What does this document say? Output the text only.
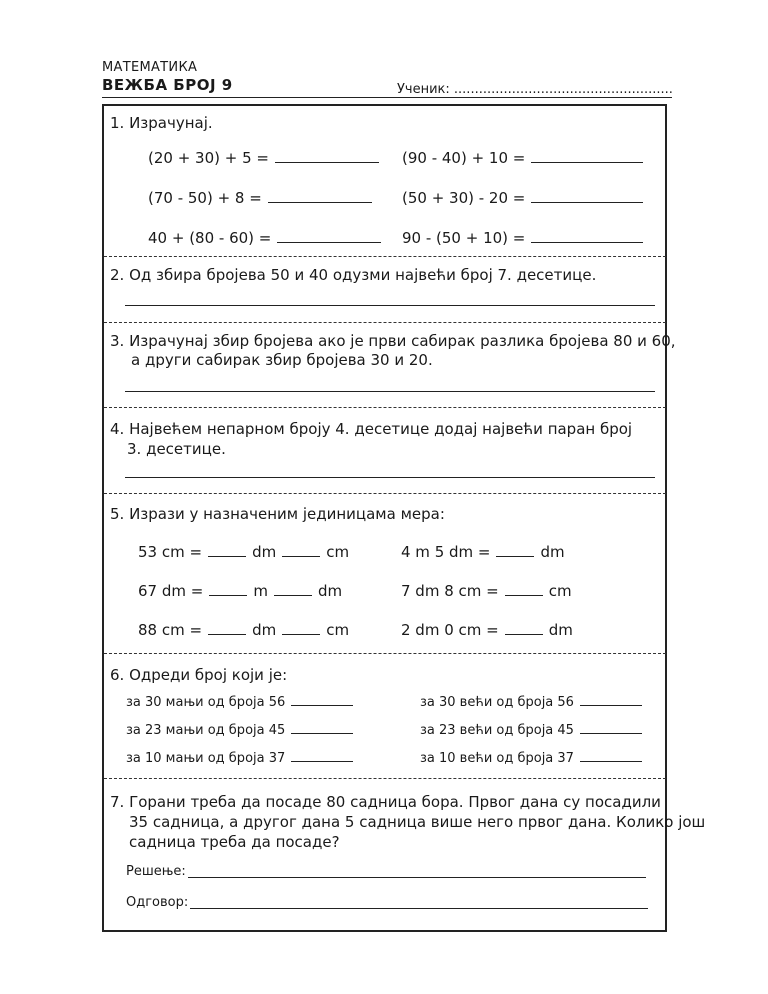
МАТЕМАТИКА
ВЕЖБА БРОЈ 9	Ученик: .....................................................
1. Израчунај.
(20 + 30) + 5 =
(70 - 50) + 8 =
40 + (80 - 60) =
(90 - 40) + 10 =
(50 + 30) - 20 =
90 - (50 + 10) =
2. Од збира бројева 50 и 40 одузми највећи број 7. десетице.
3. Израчунај збир бројева ако је први сабирак разлика бројева 80 и 60,
а други сабирак збир бројева 30 и 20.
4. Највећем непарном броју 4. десетице додај највећи паран број
3. десетице.
5. Изрази у назначеним јединицама мера:
53 cm =	dm	cm
67 dm =	m	dm
88 cm =	dm	cm
4 m 5 dm =	dm
7 dm 8 cm =	cm
2 dm 0 cm =	dm
6. Одреди број који је:
за 30 мањи од броја 56
за 23 мањи од броја 45
за 10 мањи од броја 37
за 30 већи од броја 56
за 23 већи од броја 45
за 10 већи од броја 37
7. Горани треба да посаде 80 садница бора. Првог дана су посадили
35 садница, а другог дана 5 садница више него првог дана. Колико још
садница треба да посаде?
Решење:
Одговор:
